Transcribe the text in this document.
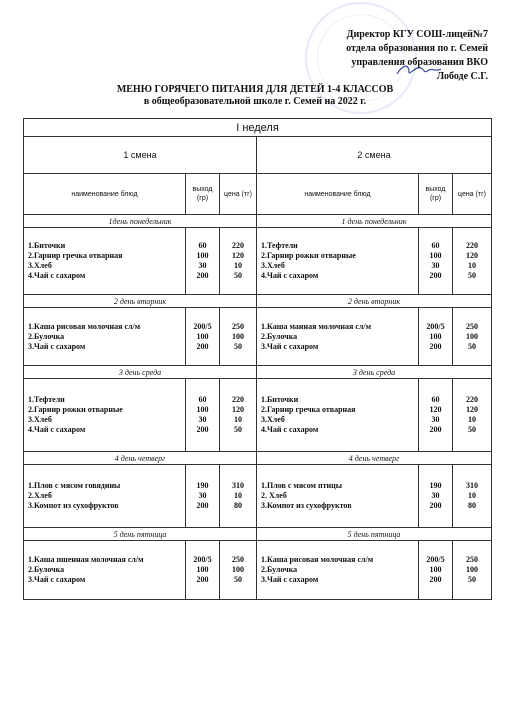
Директор КГУ СОШ-лицей№7
отдела образования по г. Семей
управления образования ВКО
Лободе С.Г.
МЕНЮ ГОРЯЧЕГО ПИТАНИЯ ДЛЯ ДЕТЕЙ 1-4 КЛАССОВ
в общеобразовательной школе г. Семей на 2022 г.
I неделя					
1 смена			2 смена		
наименование блюд	выход (гр)	цена (тг)	наименование блюд	выход (гр)	цена (тг)
1день понедельник			1 день понедельник		

1.Биточки
2.Гарнир гречка отварная
3.Хлеб
4.Чай с сахаром	60
100
30
200	220
120
10
50	1.Тефтели
2.Гарнир рожки отварные
3.Хлеб
4.Чай с сахаром	60
100
30
200	220
120
10
50

2 день вторник			2 день вторник		

1.Каша рисовая молочная сл/м
2.Булочка
3.Чай с сахаром	200/5
100
200	250
100
50	1.Каша манная молочная сл/м
2.Булочка
3.Чай с сахаром	200/5
100
200	250
100
50

3 день среда			3 день среда		

1.Тефтели
2.Гарнир рожки отварные
3.Хлеб
4.Чай с сахаром	60
100
30
200	220
120
10
50	1.Биточки
2.Гарнир гречка отварная
3.Хлеб
4.Чай с сахаром	60
120
30
200	220
120
10
50

4 день четверг			4 день четверг		

1.Плов с мясом говядины
2.Хлеб
3.Компот из сухофруктов	190
30
200	310
10
80	1.Плов с мясом птицы
2. Хлеб
3.Компот из сухофруктов	190
30
200	310
10
80

5 день пятница			5 день пятница		

1.Каша пшенная молочная сл/м
2.Булочка
3.Чай с сахаром	200/5
100
200	250
100
50	1.Каша рисовая молочная сл/м
2.Булочка
3.Чай с сахаром	200/5
100
200	250
100
50
